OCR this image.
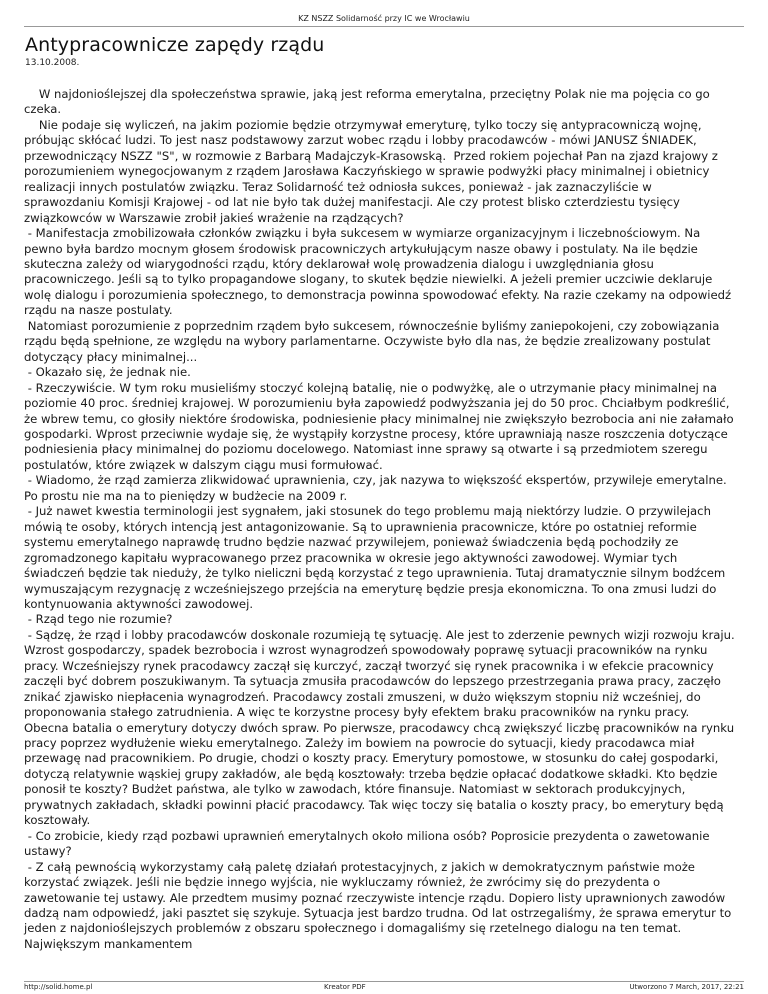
KZ NSZZ Solidarność przy IC we Wrocławiu
Antypracownicze zapędy rządu
13.10.2008.

W najdonioślejszej dla społeczeństwa sprawie, jaką jest reforma emerytalna, przeciętny Polak nie ma pojęcia co go czeka.

Nie podaje się wyliczeń, na jakim poziomie będzie otrzymywał emeryturę, tylko toczy się antypracowniczą wojnę, próbując skłócać ludzi. To jest nasz podstawowy zarzut wobec rządu i lobby pracodawców - mówi JANUSZ ŚNIADEK, przewodniczący NSZZ "S", w rozmowie z Barbarą Madajczyk-Krasowską.  Przed rokiem pojechał Pan na zjazd krajowy z porozumieniem wynegocjowanym z rządem Jarosława Kaczyńskiego w sprawie podwyżki płacy minimalnej i obietnicy realizacji innych postulatów związku. Teraz Solidarność też odniosła sukces, ponieważ - jak zaznaczyliście w sprawozdaniu Komisji Krajowej - od lat nie było tak dużej manifestacji. Ale czy protest blisko czterdziestu tysięcy związkowców w Warszawie zrobił jakieś wrażenie na rządzących?

- Manifestacja zmobilizowała członków związku i była sukcesem w wymiarze organizacyjnym i liczebnościowym. Na pewno była bardzo mocnym głosem środowisk pracowniczych artykułującym nasze obawy i postulaty. Na ile będzie skuteczna zależy od wiarygodności rządu, który deklarował wolę prowadzenia dialogu i uwzględniania głosu pracowniczego. Jeśli są to tylko propagandowe slogany, to skutek będzie niewielki. A jeżeli premier uczciwie deklaruje wolę dialogu i porozumienia społecznego, to demonstracja powinna spowodować efekty. Na razie czekamy na odpowiedź rządu na nasze postulaty.

Natomiast porozumienie z poprzednim rządem było sukcesem, równocześnie byliśmy zaniepokojeni, czy zobowiązania rządu będą spełnione, ze względu na wybory parlamentarne. Oczywiste było dla nas, że będzie zrealizowany postulat dotyczący płacy minimalnej...

- Okazało się, że jednak nie.

- Rzeczywiście. W tym roku musieliśmy stoczyć kolejną batalię, nie o podwyżkę, ale o utrzymanie płacy minimalnej na poziomie 40 proc. średniej krajowej. W porozumieniu była zapowiedź podwyższania jej do 50 proc. Chciałbym podkreślić, że wbrew temu, co głosiły niektóre środowiska, podniesienie płacy minimalnej nie zwiększyło bezrobocia ani nie załamało gospodarki. Wprost przeciwnie wydaje się, że wystąpiły korzystne procesy, które uprawniają nasze roszczenia dotyczące podniesienia płacy minimalnej do poziomu docelowego. Natomiast inne sprawy są otwarte i są przedmiotem szeregu postulatów, które związek w dalszym ciągu musi formułować.

- Wiadomo, że rząd zamierza zlikwidować uprawnienia, czy, jak nazywa to większość ekspertów, przywileje emerytalne. Po prostu nie ma na to pieniędzy w budżecie na 2009 r.

- Już nawet kwestia terminologii jest sygnałem, jaki stosunek do tego problemu mają niektórzy ludzie. O przywilejach mówią te osoby, których intencją jest antagonizowanie. Są to uprawnienia pracownicze, które po ostatniej reformie systemu emerytalnego naprawdę trudno będzie nazwać przywilejem, ponieważ świadczenia będą pochodziły ze zgromadzonego kapitału wypracowanego przez pracownika w okresie jego aktywności zawodowej. Wymiar tych świadczeń będzie tak nieduży, że tylko nieliczni będą korzystać z tego uprawnienia. Tutaj dramatycznie silnym bodźcem wymuszającym rezygnację z wcześniejszego przejścia na emeryturę będzie presja ekonomiczna. To ona zmusi ludzi do kontynuowania aktywności zawodowej.

- Rząd tego nie rozumie?

- Sądzę, że rząd i lobby pracodawców doskonale rozumieją tę sytuację. Ale jest to zderzenie pewnych wizji rozwoju kraju. Wzrost gospodarczy, spadek bezrobocia i wzrost wynagrodzeń spowodowały poprawę sytuacji pracowników na rynku pracy. Wcześniejszy rynek pracodawcy zaczął się kurczyć, zaczął tworzyć się rynek pracownika i w efekcie pracownicy zaczęli być dobrem poszukiwanym. Ta sytuacja zmusiła pracodawców do lepszego przestrzegania prawa pracy, zaczęło znikać zjawisko niepłacenia wynagrodzeń. Pracodawcy zostali zmuszeni, w dużo większym stopniu niż wcześniej, do proponowania stałego zatrudnienia. A więc te korzystne procesy były efektem braku pracowników na rynku pracy. Obecna batalia o emerytury dotyczy dwóch spraw. Po pierwsze, pracodawcy chcą zwiększyć liczbę pracowników na rynku pracy poprzez wydłużenie wieku emerytalnego. Zależy im bowiem na powrocie do sytuacji, kiedy pracodawca miał przewagę nad pracownikiem. Po drugie, chodzi o koszty pracy. Emerytury pomostowe, w stosunku do całej gospodarki, dotyczą relatywnie wąskiej grupy zakładów, ale będą kosztowały: trzeba będzie opłacać dodatkowe składki. Kto będzie ponosił te koszty? Budżet państwa, ale tylko w zawodach, które finansuje. Natomiast w sektorach produkcyjnych, prywatnych zakładach, składki powinni płacić pracodawcy. Tak więc toczy się batalia o koszty pracy, bo emerytury będą kosztowały.

- Co zrobicie, kiedy rząd pozbawi uprawnień emerytalnych około miliona osób? Poprosicie prezydenta o zawetowanie ustawy?

- Z całą pewnością wykorzystamy całą paletę działań protestacyjnych, z jakich w demokratycznym państwie może korzystać związek. Jeśli nie będzie innego wyjścia, nie wykluczamy również, że zwrócimy się do prezydenta o zawetowanie tej ustawy. Ale przedtem musimy poznać rzeczywiste intencje rządu. Dopiero listy uprawnionych zawodów dadzą nam odpowiedź, jaki pasztet się szykuje. Sytuacja jest bardzo trudna. Od lat ostrzegaliśmy, że sprawa emerytur to jeden z najdonioślejszych problemów z obszaru społecznego i domagaliśmy się rzetelnego dialogu na ten temat. Największym mankamentem

http://solid.home.pl	Kreator PDF	Utworzono 7 March, 2017, 22:21
